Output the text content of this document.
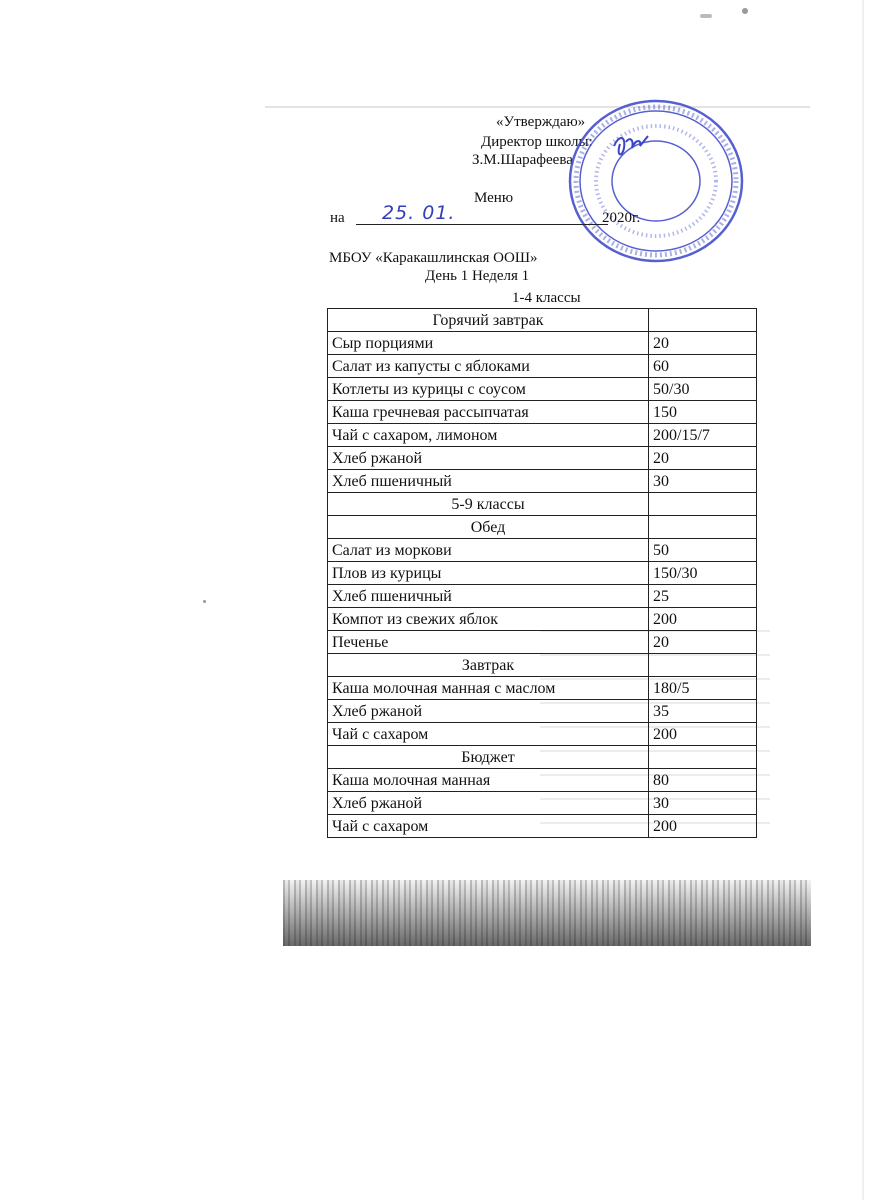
«Утверждаю»
Директор школы:
З.М.Шарафеева
Меню
на 25. 01.	2020г.
МБОУ «Каракашлинская ООШ»
День 1 Неделя 1
1-4 классы
Горячий завтрак	
Сыр порциями	20
Салат из капусты с яблоками	60
Котлеты из курицы с соусом	50/30
Каша гречневая рассыпчатая	150
Чай с сахаром, лимоном	200/15/7
Хлеб ржаной	20
Хлеб пшеничный	30
5-9 классы	
Обед	
Салат из моркови	50
Плов из курицы	150/30
Хлеб пшеничный	25
Компот из свежих яблок	200
Печенье	20
Завтрак	
Каша молочная манная с маслом	180/5
Хлеб ржаной	35
Чай с сахаром	200
Бюджет	
Каша молочная манная	80
Хлеб ржаной	30
Чай с сахаром	200
